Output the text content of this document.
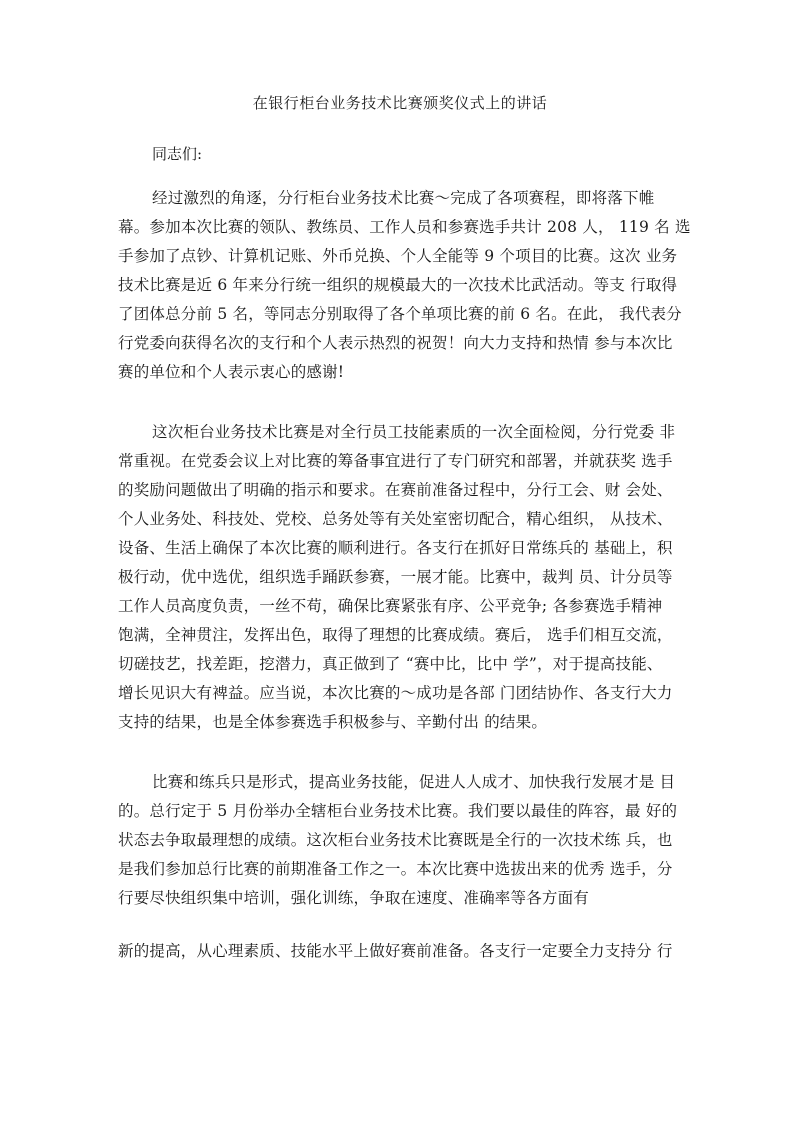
在银行柜台业务技术比赛颁奖仪式上的讲话
同志们:
经过激烈的角逐，分行柜台业务技术比赛〜完成了各项赛程，即将落下帷
幕。参加本次比赛的领队、教练员、工作人员和参赛选手共计 208 人， 119 名 选
手参加了点钞、计算机记账、外币兑换、个人全能等 9 个项目的比赛。这次 业务
技术比赛是近 6 年来分行统一组织的规模最大的一次技术比武活动。等支 行取得
了团体总分前 5 名，等同志分别取得了各个单项比赛的前 6 名。在此， 我代表分
行党委向获得名次的支行和个人表示热烈的祝贺！向大力支持和热情 参与本次比
赛的单位和个人表示衷心的感谢!
这次柜台业务技术比赛是对全行员工技能素质的一次全面检阅，分行党委 非
常重视。在党委会议上对比赛的筹备事宜进行了专门研究和部署，并就获奖 选手
的奖励问题做出了明确的指示和要求。在赛前准备过程中，分行工会、财 会处、
个人业务处、科技处、党校、总务处等有关处室密切配合，精心组织， 从技术、
设备、生活上确保了本次比赛的顺利进行。各支行在抓好日常练兵的 基础上，积
极行动，优中选优，组织选手踊跃参赛，一展才能。比赛中，裁判 员、计分员等
工作人员高度负责，一丝不苟，确保比赛紧张有序、公平竞争; 各参赛选手精神
饱满，全神贯注，发挥出色，取得了理想的比赛成绩。赛后， 选手们相互交流，
切磋技艺，找差距，挖潜力，真正做到了 “赛中比，比中 学”，对于提高技能、
增长见识大有裨益。应当说，本次比赛的〜成功是各部 门团结协作、各支行大力
支持的结果，也是全体参赛选手积极参与、辛勤付出 的结果。
比赛和练兵只是形式，提高业务技能，促进人人成才、加快我行发展才是 目
的。总行定于 5 月份举办全辖柜台业务技术比赛。我们要以最佳的阵容，最 好的
状态去争取最理想的成绩。这次柜台业务技术比赛既是全行的一次技术练 兵，也
是我们参加总行比赛的前期准备工作之一。本次比赛中选拔出来的优秀 选手，分
行要尽快组织集中培训，强化训练，争取在速度、准确率等各方面有
新的提高，从心理素质、技能水平上做好赛前准备。各支行一定要全力支持分 行
